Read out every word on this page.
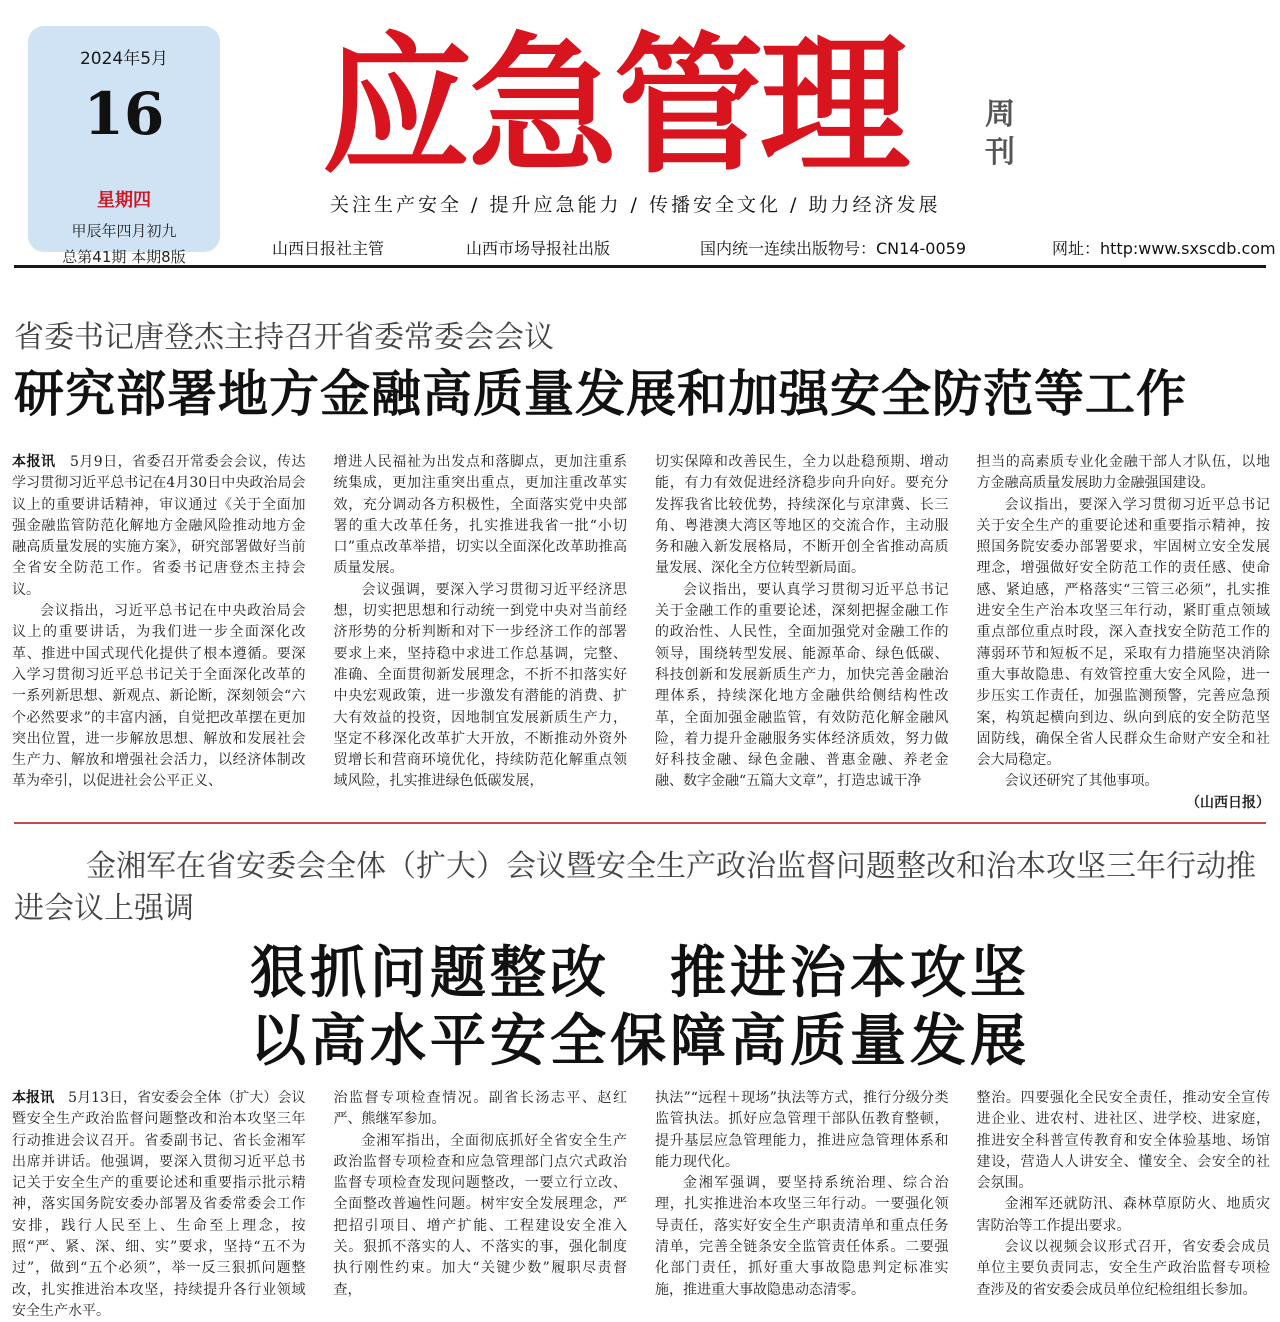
2024年5月
16
星期四
甲辰年四月初九
总第41期 本期8版
应急管理	周刊
关注生产安全 / 提升应急能力 / 传播安全文化 / 助力经济发展
山西日报社主管	山西市场导报社出版	国内统一连续出版物号：CN14-0059	网址：http:www.sxscdb.com
省委书记唐登杰主持召开省委常委会会议
研究部署地方金融高质量发展和加强安全防范等工作

本报讯　 5月9日，省委召开常委会会议，传达学习贯彻习近平总书记在4月30日中央政治局会议上的重要讲话精神，审议通过《关于全面加强金融监管防范化解地方金融风险推动地方金融高质量发展的实施方案》，研究部署做好当前全省安全防范工作。省委书记唐登杰主持会议。

会议指出，习近平总书记在中央政治局会议上的重要讲话，为我们进一步全面深化改革、推进中国式现代化提供了根本遵循。要深入学习贯彻习近平总书记关于全面深化改革的一系列新思想、新观点、新论断，深刻领会“六个必然要求”的丰富内涵，自觉把改革摆在更加突出位置，进一步解放思想、解放和发展社会生产力、解放和增强社会活力，以经济体制改革为牵引，以促进社会公平正义、

增进人民福祉为出发点和落脚点，更加注重系统集成，更加注重突出重点，更加注重改革实效，充分调动各方积极性，全面落实党中央部署的重大改革任务，扎实推进我省一批“小切口”重点改革举措，切实以全面深化改革助推高质量发展。

会议强调，要深入学习贯彻习近平经济思想，切实把思想和行动统一到党中央对当前经济形势的分析判断和对下一步经济工作的部署要求上来，坚持稳中求进工作总基调，完整、准确、全面贯彻新发展理念，不折不扣落实好中央宏观政策，进一步激发有潜能的消费、扩大有效益的投资，因地制宜发展新质生产力，坚定不移深化改革扩大开放，不断推动外资外贸增长和营商环境优化，持续防范化解重点领域风险，扎实推进绿色低碳发展，

切实保障和改善民生，全力以赴稳预期、增动能，有力有效促进经济稳步向升向好。要充分发挥我省比较优势，持续深化与京津冀、长三角、粤港澳大湾区等地区的交流合作，主动服务和融入新发展格局，不断开创全省推动高质量发展、深化全方位转型新局面。

会议指出，要认真学习贯彻习近平总书记关于金融工作的重要论述，深刻把握金融工作的政治性、人民性，全面加强党对金融工作的领导，围绕转型发展、能源革命、绿色低碳、科技创新和发展新质生产力，加快完善金融治理体系，持续深化地方金融供给侧结构性改革，全面加强金融监管，有效防范化解金融风险，着力提升金融服务实体经济质效，努力做好科技金融、绿色金融、普惠金融、养老金融、数字金融“五篇大文章”，打造忠诚干净

担当的高素质专业化金融干部人才队伍，以地方金融高质量发展助力金融强国建设。

会议指出，要深入学习贯彻习近平总书记关于安全生产的重要论述和重要指示精神，按照国务院安委办部署要求，牢固树立安全发展理念，增强做好安全防范工作的责任感、使命感、紧迫感，严格落实“三管三必须”，扎实推进安全生产治本攻坚三年行动，紧盯重点领域重点部位重点时段，深入查找安全防范工作的薄弱环节和短板不足，采取有力措施坚决消除重大事故隐患、有效管控重大安全风险，进一步压实工作责任，加强监测预警，完善应急预案，构筑起横向到边、纵向到底的安全防范坚固防线，确保全省人民群众生命财产安全和社会大局稳定。

会议还研究了其他事项。
（山西日报）

金湘军在省安委会全体（扩大）会议暨安全生产政治监督问题整改和治本攻坚三年行动推进会议上强调
狠抓问题整改　推进治本攻坚
以高水平安全保障高质量发展

本报讯　 5月13日，省安委会全体（扩大）会议暨安全生产政治监督问题整改和治本攻坚三年行动推进会议召开。省委副书记、省长金湘军出席并讲话。他强调，要深入贯彻习近平总书记关于安全生产的重要论述和重要指示批示精神，落实国务院安委办部署及省委常委会工作安排，践行人民至上、生命至上理念，按照“严、紧、深、细、实”要求，坚持“五不为过”，做到“五个必须”，举一反三狠抓问题整改，扎实推进治本攻坚，持续提升各行业领域安全生产水平。

治监督专项检查情况。副省长汤志平、赵红严、熊继军参加。

金湘军指出，全面彻底抓好全省安全生产政治监督专项检查和应急管理部门点穴式政治监督专项检查发现问题整改，一要立行立改、全面整改普遍性问题。树牢安全发展理念，严把招引项目、增产扩能、工程建设安全准入关。狠抓不落实的人、不落实的事，强化制度执行刚性约束。加大“关键少数”履职尽责督查，

执法”“远程＋现场”执法等方式，推行分级分类监管执法。抓好应急管理干部队伍教育整顿，提升基层应急管理能力，推进应急管理体系和能力现代化。

金湘军强调，要坚持系统治理、综合治理，扎实推进治本攻坚三年行动。一要强化领导责任，落实好安全生产职责清单和重点任务清单，完善全链条安全监管责任体系。二要强化部门责任，抓好重大事故隐患判定标准实施，推进重大事故隐患动态清零。

整治。四要强化全民安全责任，推动安全宣传进企业、进农村、进社区、进学校、进家庭，推进安全科普宣传教育和安全体验基地、场馆建设，营造人人讲安全、懂安全、会安全的社会氛围。

金湘军还就防汛、森林草原防火、地质灾害防治等工作提出要求。

会议以视频会议形式召开，省安委会成员单位主要负责同志，安全生产政治监督专项检查涉及的省安委会成员单位纪检组组长参加。
